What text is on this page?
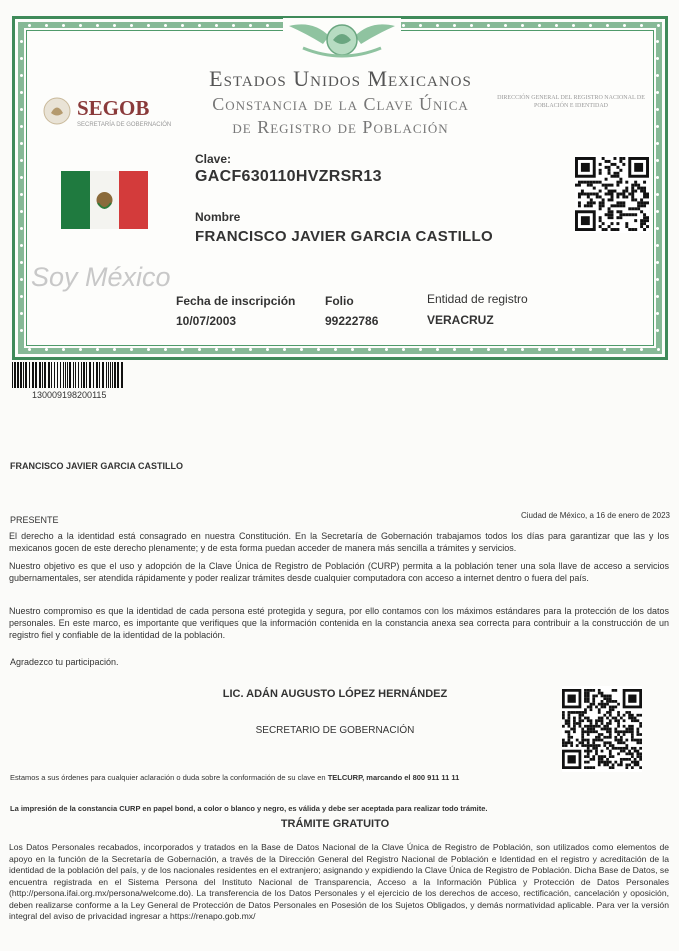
Estados Unidos Mexicanos
Constancia de la Clave Única
de Registro de Población
SEGOB
SECRETARÍA DE GOBERNACIÓN
DIRECCIÓN GENERAL DEL REGISTRO NACIONAL DE POBLACIÓN E IDENTIDAD
Soy México
Clave:
GACF630110HVZRSR13
Nombre
FRANCISCO JAVIER GARCIA CASTILLO
Fecha de inscripción
10/07/2003
Folio
99222786
Entidad de registro
VERACRUZ
130009198200115
FRANCISCO JAVIER GARCIA CASTILLO
PRESENTE	Ciudad de México, a 16 de enero de 2023
El derecho a la identidad está consagrado en nuestra Constitución. En la Secretaría de Gobernación trabajamos todos los días para garantizar que las y los mexicanos gocen de este derecho plenamente; y de esta forma puedan acceder de manera más sencilla a trámites y servicios.
Nuestro objetivo es que el uso y adopción de la Clave Única de Registro de Población (CURP) permita a la población tener una sola llave de acceso a servicios gubernamentales, ser atendida rápidamente y poder realizar trámites desde cualquier computadora con acceso a internet dentro o fuera del país.
Nuestro compromiso es que la identidad de cada persona esté protegida y segura, por ello contamos con los máximos estándares para la protección de los datos personales. En este marco, es importante que verifiques que la información contenida en la constancia anexa sea correcta para contribuir a la construcción de un registro fiel y confiable de la identidad de la población.
Agradezco tu participación.
LIC. ADÁN AUGUSTO LÓPEZ HERNÁNDEZ
SECRETARIO DE GOBERNACIÓN
Estamos a sus órdenes para cualquier aclaración o duda sobre la conformación de su clave en TELCURP, marcando el 800 911 11 11
La impresión de la constancia CURP en papel bond, a color o blanco y negro, es válida y debe ser aceptada para realizar todo trámite.
TRÁMITE GRATUITO
Los Datos Personales recabados, incorporados y tratados en la Base de Datos Nacional de la Clave Única de Registro de Población, son utilizados como elementos de apoyo en la función de la Secretaría de Gobernación, a través de la Dirección General del Registro Nacional de Población e Identidad en el registro y acreditación de la identidad de la población del país, y de los nacionales residentes en el extranjero; asignando y expidiendo la Clave Única de Registro de Población. Dicha Base de Datos, se encuentra registrada en el Sistema Persona del Instituto Nacional de Transparencia, Acceso a la Información Pública y Protección de Datos Personales (http://persona.ifai.org.mx/persona/welcome.do). La transferencia de los Datos Personales y el ejercicio de los derechos de acceso, rectificación, cancelación y oposición, deben realizarse conforme a la Ley General de Protección de Datos Personales en Posesión de los Sujetos Obligados, y demás normatividad aplicable. Para ver la versión integral del aviso de privacidad ingresar a https://renapo.gob.mx/
